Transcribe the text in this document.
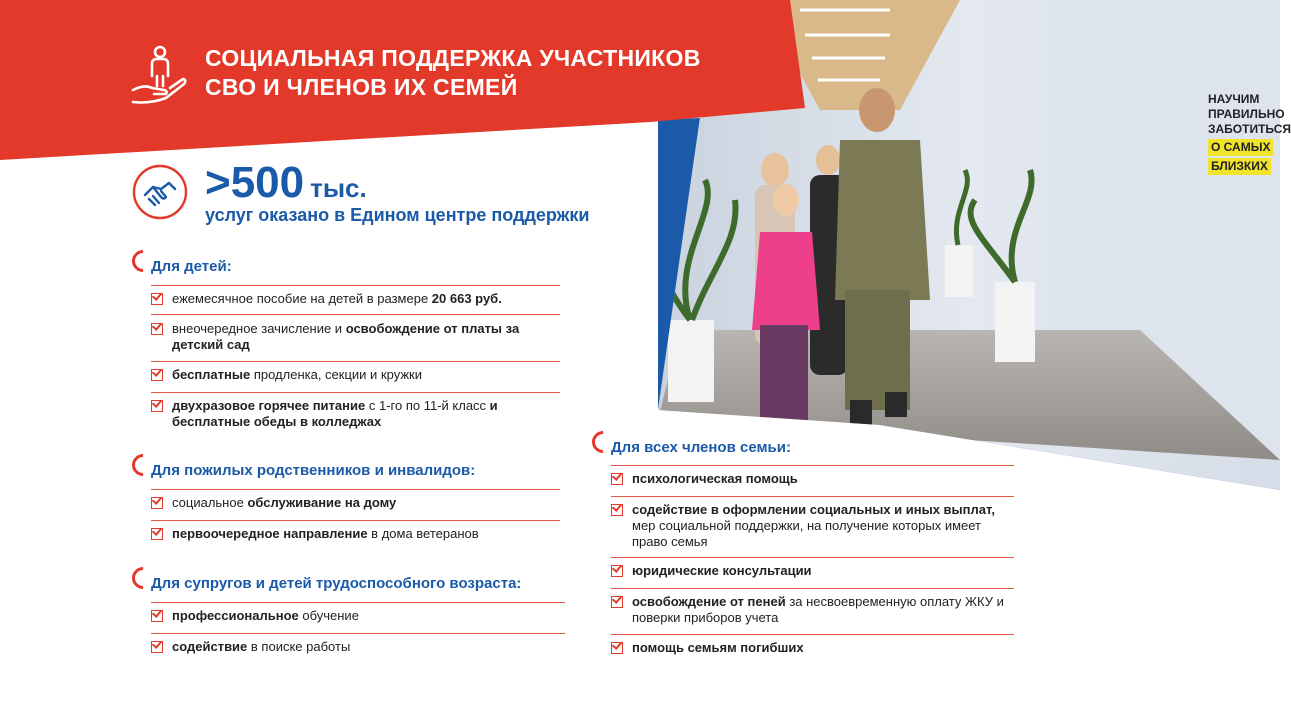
НАУЧИМ
ПРАВИЛЬНО
ЗАБОТИТЬСЯ
О САМЫХ БЛИЗКИХ
СОЦИАЛЬНАЯ ПОДДЕРЖКА УЧАСТНИКОВ
СВО И ЧЛЕНОВ ИХ СЕМЕЙ
>500 тыс.
услуг оказано в Едином центре поддержки
Для детей:
ежемесячное пособие на детей в размере 20 663 руб.
внеочередное зачисление и освобождение от платы за детский сад
бесплатные продленка, секции и кружки
двухразовое горячее питание с 1-го по 11-й класс и бесплатные обеды в колледжах
Для пожилых родственников и инвалидов:
социальное обслуживание на дому
первоочередное направление в дома ветеранов
Для супругов и детей трудоспособного возраста:
профессиональное обучение
содействие в поиске работы
Для всех членов семьи:
психологическая помощь
содействие в оформлении социальных и иных выплат, мер социальной поддержки, на получение которых имеет право семья
юридические консультации
освобождение от пеней за несвоевременную оплату ЖКУ и поверки приборов учета
помощь семьям погибших
